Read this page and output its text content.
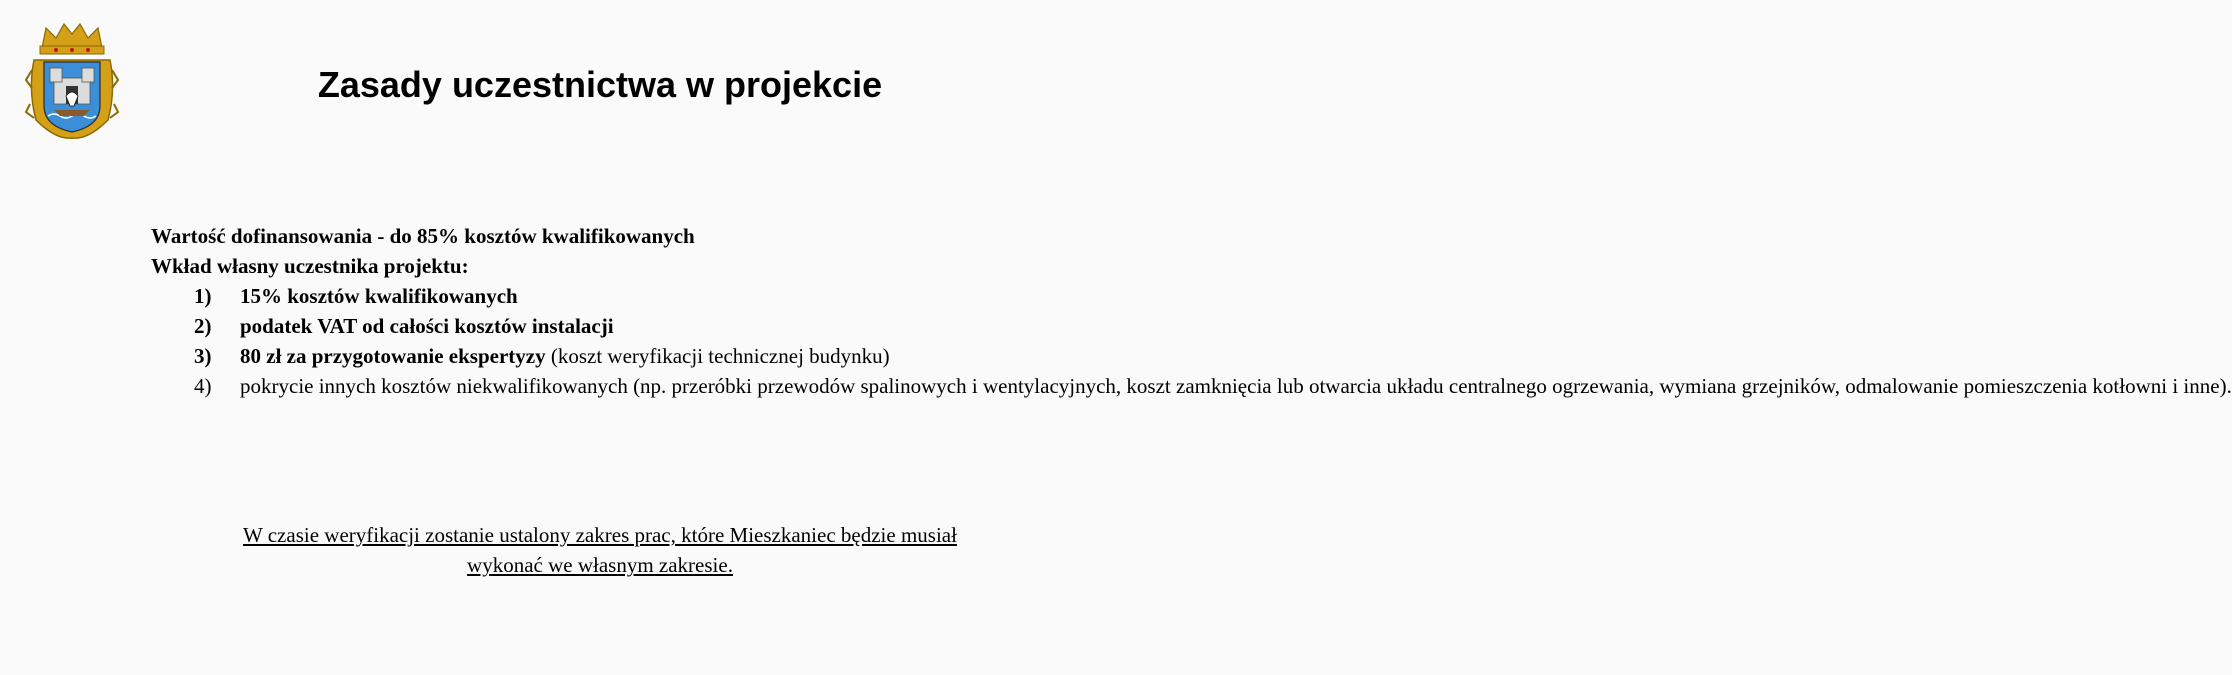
Zasady uczestnictwa w projekcie
Wartość dofinansowania - do 85% kosztów kwalifikowanych
Wkład własny uczestnika projektu:
1) 15% kosztów kwalifikowanych
2) podatek VAT od całości kosztów instalacji
3) 80 zł za przygotowanie ekspertyzy (koszt weryfikacji technicznej budynku)
4) pokrycie innych kosztów niekwalifikowanych (np. przeróbki przewodów spalinowych i wentylacyjnych, koszt zamknięcia lub otwarcia układu centralnego ogrzewania, wymiana grzejników, odmalowanie pomieszczenia kotłowni i inne).
W czasie weryfikacji zostanie ustalony zakres prac, które Mieszkaniec będzie musiał
wykonać we własnym zakresie.
